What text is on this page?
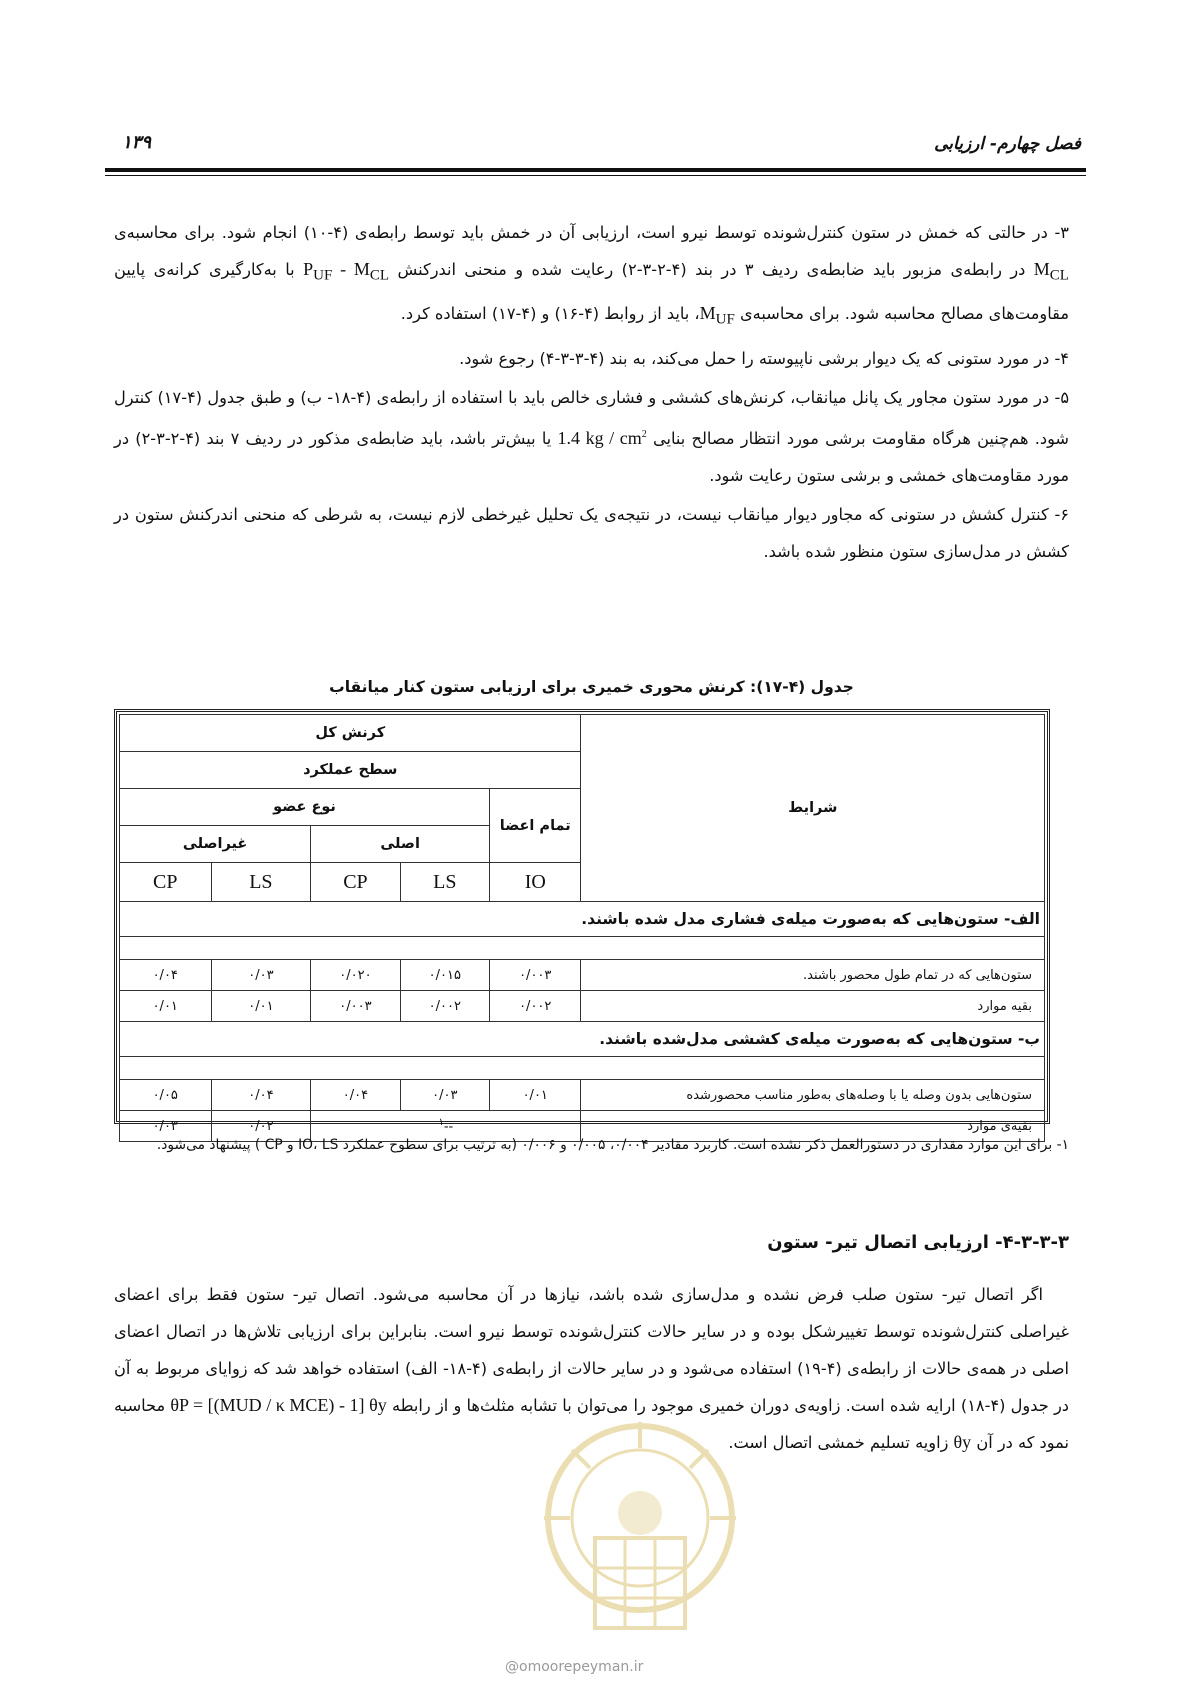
فصل چهارم- ارزیابی
۱۳۹

۳- در حالتی که خمش در ستون کنترل‌شونده توسط نیرو است، ارزیابی آن در خمش باید توسط رابطه‌ی (۴-۱۰) انجام شود. برای محاسبه‌ی $M_{CL}$ در رابطه‌ی مزبور باید ضابطه‌ی ردیف ۳ در بند (۴-۲-۳-۲) رعایت شده و منحنی اندرکنش $P_{UF} - M_{CL}$ با به‌کارگیری کرانه‌ی پایین مقاومت‌های مصالح محاسبه شود. برای محاسبه‌ی $M_{UF}،$ باید از روابط (۴-۱۶) و (۴-۱۷) استفاده کرد.

۴- در مورد ستونی که یک دیوار برشی ناپیوسته را حمل می‌کند، به بند (۴-۳-۳-۴) رجوع شود.

۵- در مورد ستون مجاور یک پانل میانقاب، کرنش‌های کششی و فشاری خالص باید با استفاده از رابطه‌ی (۴-۱۸- ب) و طبق جدول (۴-۱۷) کنترل شود. هم‌چنین هرگاه مقاومت برشی مورد انتظار مصالح بنایی 1.4 kg / $cm^2$ یا بیش‌تر باشد، باید ضابطه‌ی مذکور در ردیف ۷ بند (۴-۲-۳-۲) در مورد مقاومت‌های خمشی و برشی ستون رعایت شود.

۶- کنترل کشش در ستونی که مجاور دیوار میانقاب نیست، در نتیجه‌ی یک تحلیل غیرخطی لازم نیست، به شرطی که منحنی اندرکنش ستون در کشش در مدل‌سازی ستون منظور شده باشد.

جدول (۴-۱۷): کرنش محوری خمیری برای ارزیابی ستون کنار میانقاب
شرایط	کرنش کل				
	سطح عملکرد				
	تمام اعضا	نوع عضو			
		اصلی		غیراصلی	
	IO	LS	CP	LS	CP
الف- ستون‌هایی که به‌صورت میله‌ی فشاری مدل شده باشند.					

ستون‌هایی که در تمام طول محصور باشند.	۰/۰۰۳	۰/۰۱۵	۰/۰۲۰	۰/۰۳	۰/۰۴
بقیه موارد	۰/۰۰۲	۰/۰۰۲	۰/۰۰۳	۰/۰۱	۰/۰۱
ب- ستون‌هایی که به‌صورت میله‌ی کششی مدل‌شده باشند.					

ستون‌هایی بدون وصله یا با وصله‌های به‌طور مناسب محصورشده	۰/۰۱	۰/۰۳	۰/۰۴	۰/۰۴	۰/۰۵
بقیه‌ی موارد	--$^۱$			۰/۰۲	۰/۰۳
۱- برای این موارد مقداری در دستورالعمل ذکر نشده است. کاربرد مقادیر ۰/۰۰۴، ۰/۰۰۵ و ۰/۰۰۶ (به ترتیب برای سطوح عملکرد IO، LS و CP ) پیشنهاد می‌شود.
۴-۳-۳-۳- ارزیابی اتصال تیر- ستون

اگر اتصال تیر- ستون صلب فرض نشده و مدل‌سازی شده باشد، نیازها در آن محاسبه می‌شود. اتصال تیر- ستون فقط برای اعضای غیراصلی کنترل‌شونده توسط تغییرشکل بوده و در سایر حالات کنترل‌شونده توسط نیرو است. بنابراین برای ارزیابی تلاش‌ها در اتصال اعضای اصلی در همه‌ی حالات از رابطه‌ی (۴-۱۹) استفاده می‌شود و در سایر حالات از رابطه‌ی (۴-۱۸- الف) استفاده خواهد شد که زوایای مربوط به آن در جدول (۴-۱۸) ارایه شده است. زاویه‌ی دوران خمیری موجود را می‌توان با تشابه مثلث‌ها و از رابطه θP = [(MUD / κ MCE) - 1] θy محاسبه نمود که در آن θy زاویه تسلیم خمشی اتصال است.

@omoorepeyman.ir
